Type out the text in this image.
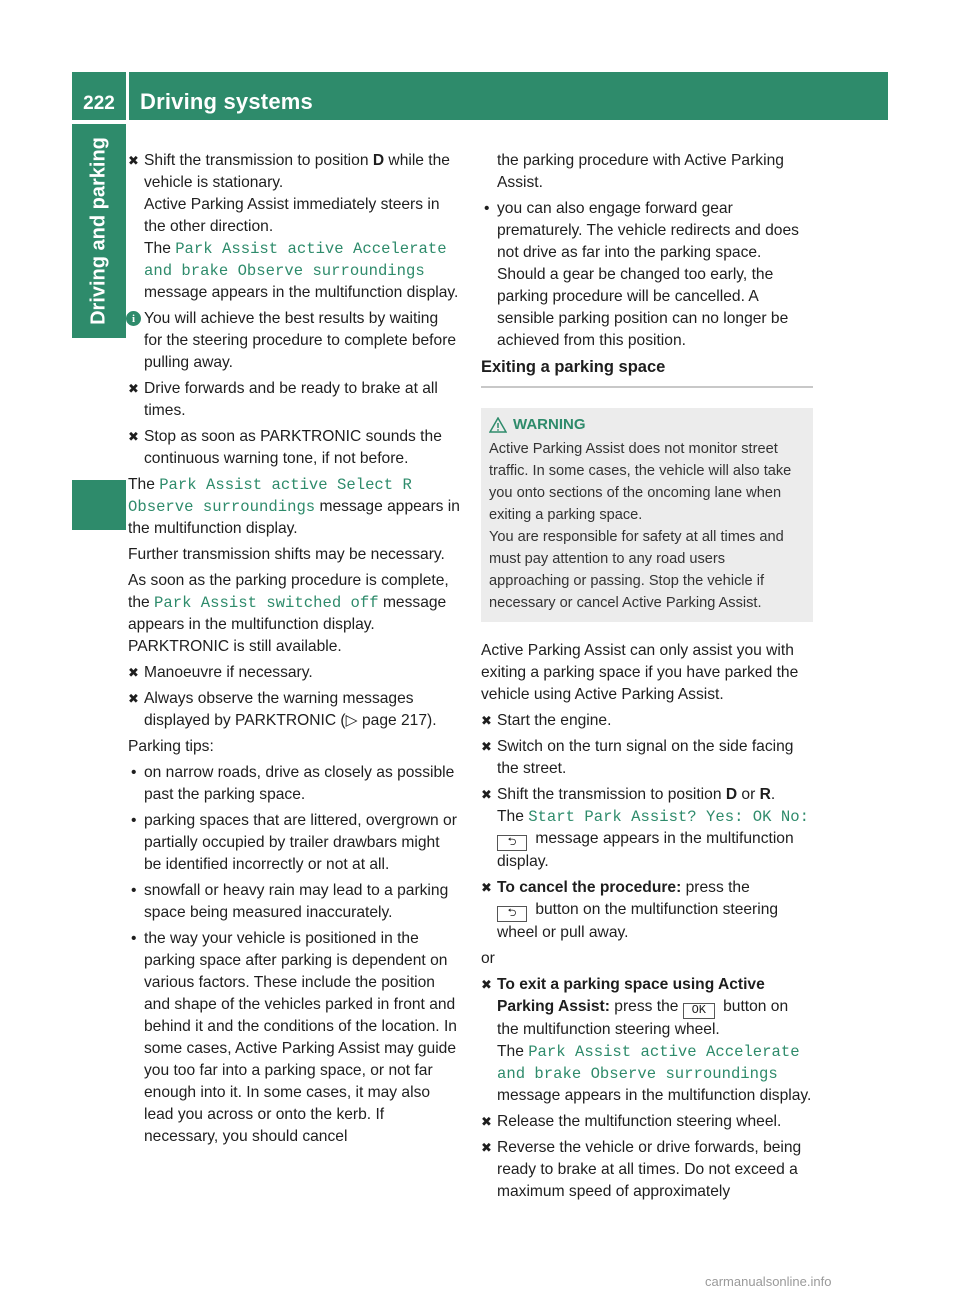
222	Driving systems
Driving and parking ✖ Shift the transmission to position D while the vehicle is stationary.
Active Parking Assist immediately steers in the other direction.
The Park Assist active Accelerate and brake Observe surroundings message appears in the multifunction display.
i You will achieve the best results by waiting for the steering procedure to complete before pulling away.
✖ Drive forwards and be ready to brake at all times.
✖ Stop as soon as PARKTRONIC sounds the continuous warning tone, if not before.

The Park Assist active Select R Observe surroundings message appears in the multifunction display.

Further transmission shifts may be necessary.

As soon as the parking procedure is complete, the Park Assist switched off message appears in the multifunction display.

PARKTRONIC is still available.

✖ Manoeuvre if necessary.
✖ Always observe the warning messages displayed by PARKTRONIC (▷ page 217).

Parking tips:

• on narrow roads, drive as closely as possible past the parking space.
• parking spaces that are littered, overgrown or partially occupied by trailer drawbars might be identified incorrectly or not at all.
• snowfall or heavy rain may lead to a parking space being measured inaccurately.
• the way your vehicle is positioned in the parking space after parking is dependent on various factors. These include the position and shape of the vehicles parked in front and behind it and the conditions of the location. In some cases, Active Parking Assist may guide you too far into a parking space, or not far enough into it. In some cases, it may also lead you across or onto the kerb. If necessary, you should cancel
the parking procedure with Active Parking Assist.
• you can also engage forward gear prematurely. The vehicle redirects and does not drive as far into the parking space. Should a gear be changed too early, the parking procedure will be cancelled. A sensible parking position can no longer be achieved from this position.
Exiting a parking space
WARNING
Active Parking Assist does not monitor street traffic. In some cases, the vehicle will also take you onto sections of the oncoming lane when exiting a parking space.
You are responsible for safety at all times and must pay attention to any road users approaching or passing. Stop the vehicle if necessary or cancel Active Parking Assist.

Active Parking Assist can only assist you with exiting a parking space if you have parked the vehicle using Active Parking Assist.

✖ Start the engine.
✖ Switch on the turn signal on the side facing the street.
✖ Shift the transmission to position D or R.
The Start Park Assist? Yes: OK No:
⮌ message appears in the multifunction display.
✖ To cancel the procedure: press the
⮌ button on the multifunction steering wheel or pull away.

or

✖ To exit a parking space using Active Parking Assist: press the OK button on the multifunction steering wheel.
The Park Assist active Accelerate and brake Observe surroundings message appears in the multifunction display.
✖ Release the multifunction steering wheel.
✖ Reverse the vehicle or drive forwards, being ready to brake at all times. Do not exceed a maximum speed of approximately
carmanualsonline.info
